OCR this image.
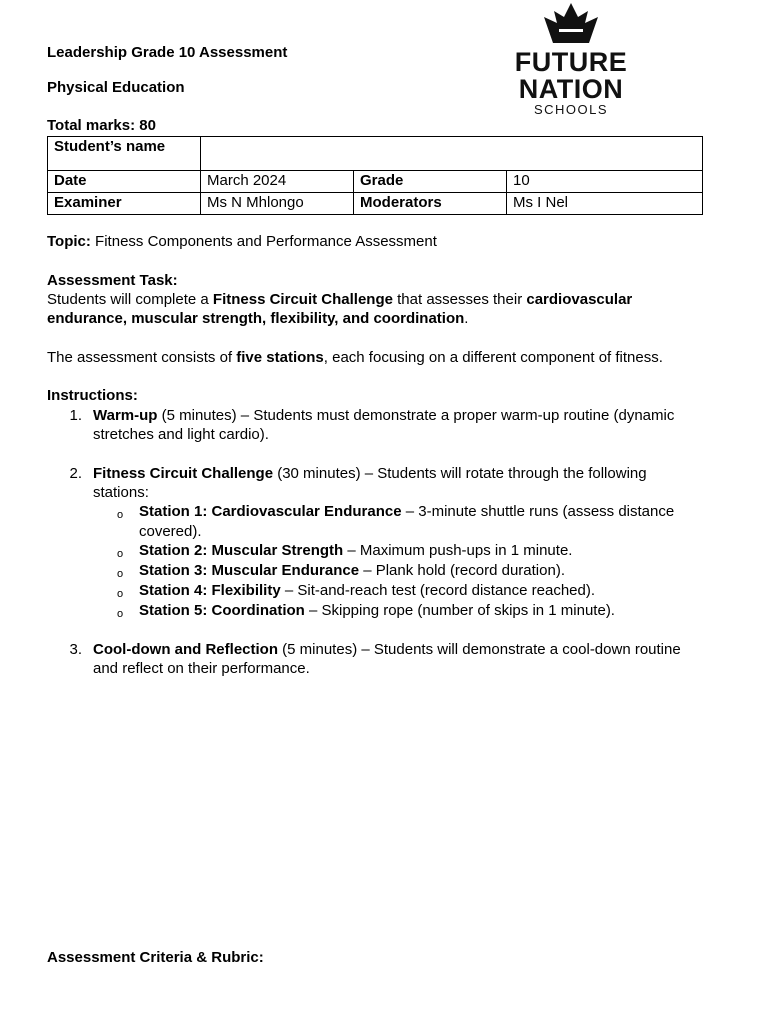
Leadership Grade 10 Assessment
Physical Education
Total marks: 80
FUTURE
NATION
SCHOOLS
Student’s name			
Date	March 2024	Grade	10
Examiner	Ms N Mhlongo	Moderators	Ms I Nel
Topic: Fitness Components and Performance Assessment
Assessment Task:
Students will complete a Fitness Circuit Challenge that assesses their cardiovascular
endurance, muscular strength, flexibility, and coordination.
The assessment consists of five stations, each focusing on a different component of fitness.
Instructions:
1. Warm-up (5 minutes) – Students must demonstrate a proper warm-up routine (dynamic
stretches and light cardio).
2. Fitness Circuit Challenge (30 minutes) – Students will rotate through the following
stations:
o Station 1: Cardiovascular Endurance – 3-minute shuttle runs (assess distance
covered).
o Station 2: Muscular Strength – Maximum push-ups in 1 minute.
o Station 3: Muscular Endurance – Plank hold (record duration).
o Station 4: Flexibility – Sit-and-reach test (record distance reached).
o Station 5: Coordination – Skipping rope (number of skips in 1 minute).
3. Cool-down and Reflection (5 minutes) – Students will demonstrate a cool-down routine
and reflect on their performance.
Assessment Criteria & Rubric:
